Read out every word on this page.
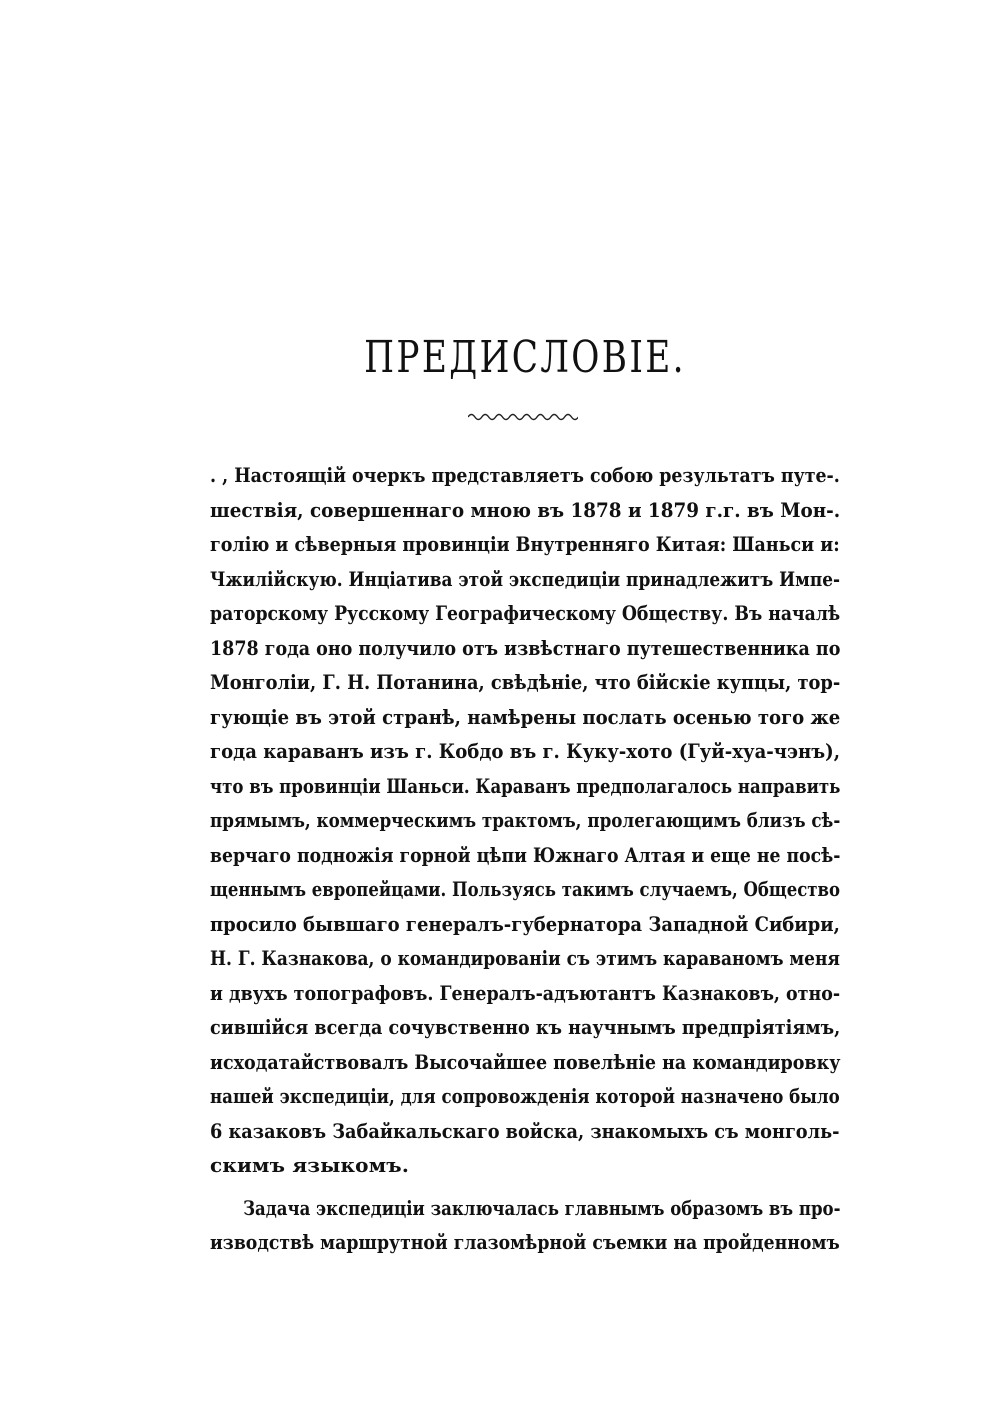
ПРЕДИСЛОВІЕ.
. , Настоящій очеркъ представляетъ собою результатъ путе-.
шествія, совершеннаго мною въ 1878 и 1879 г.г. въ Мон-.
голію и сѣверныя провинціи Внутренняго Китая: Шаньси и:
Чжилійскую. Инціатива этой экспедиціи принадлежитъ Импе-
раторскому Русскому Географическому Обществу. Въ началѣ
1878 года оно получило отъ извѣстнаго путешественника по
Монголіи, Г. Н. Потанина, свѣдѣніе, что бійскіе купцы, тор-
гующіе въ этой странѣ, намѣрены послать осенью того же
года караванъ изъ г. Кобдо въ г. Куку-хото (Гуй-хуа-чэнъ),
что въ провинціи Шаньси. Караванъ предполагалось направить
прямымъ, коммерческимъ трактомъ, пролегающимъ близъ сѣ-
верчаго подножія горной цѣпи Южнаго Алтая и еще не посѣ-
щеннымъ европейцами. Пользуясь такимъ случаемъ, Общество
просило бывшаго генералъ-губернатора Западной Сибири,
Н. Г. Казнакова, о командированіи съ этимъ караваномъ меня
и двухъ топографовъ. Генералъ-адъютантъ Казнаковъ, отно-
сившійся всегда сочувственно къ научнымъ предпріятіямъ,
исходатайствовалъ Высочайшее повелѣніе на командировку
нашей экспедиціи, для сопровожденія которой назначено было
6 казаковъ Забайкальскаго войска, знакомыхъ съ монголь-
скимъ языкомъ.
Задача экспедиціи заключалась главнымъ образомъ въ про-
изводствѣ маршрутной глазомѣрной съемки на пройденномъ
